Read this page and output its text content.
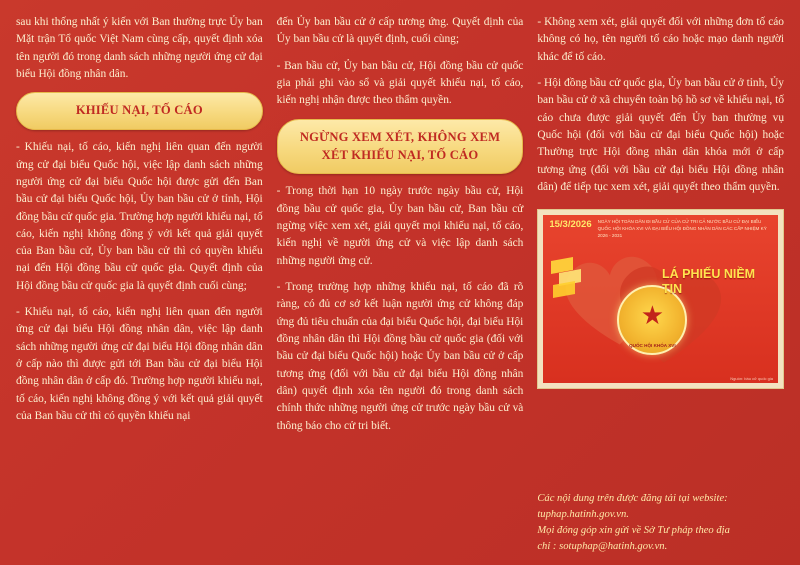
sau khi thống nhất ý kiến với Ban thường trực Ủy ban Mặt trận Tổ quốc Việt Nam cùng cấp, quyết định xóa tên người đó trong danh sách những người ứng cử đại biểu Hội đồng nhân dân.

KHIẾU NẠI, TỐ CÁO

- Khiếu nại, tố cáo, kiến nghị liên quan đến người ứng cử đại biểu Quốc hội, việc lập danh sách những người ứng cử đại biểu Quốc hội được gửi đến Ban bầu cử đại biểu Quốc hội, Ủy ban bầu cử ở tỉnh, Hội đồng bầu cử quốc gia. Trường hợp người khiếu nại, tố cáo, kiến nghị không đồng ý với kết quả giải quyết của Ban bầu cử, Ủy ban bầu cử thì có quyền khiếu nại đến Hội đồng bầu cử quốc gia. Quyết định của Hội đồng bầu cử quốc gia là quyết định cuối cùng;

- Khiếu nại, tố cáo, kiến nghị liên quan đến người ứng cử đại biểu Hội đồng nhân dân, việc lập danh sách những người ứng cử đại biểu Hội đồng nhân dân ở cấp nào thì được gửi tới Ban bầu cử đại biểu Hội đồng nhân dân ở cấp đó. Trường hợp người khiếu nại, tố cáo, kiến nghị không đồng ý với kết quả giải quyết của Ban bầu cử thì có quyền khiếu nại

đến Ủy ban bầu cử ở cấp tương ứng. Quyết định của Ủy ban bầu cử là quyết định, cuối cùng;

- Ban bầu cử, Ủy ban bầu cử, Hội đồng bầu cử quốc gia phải ghi vào sổ và giải quyết khiếu nại, tố cáo, kiến nghị nhận được theo thẩm quyền.

NGỪNG XEM XÉT, KHÔNG XEM XÉT KHIẾU NẠI, TỐ CÁO

- Trong thời hạn 10 ngày trước ngày bầu cử, Hội đồng bầu cử quốc gia, Ủy ban bầu cử, Ban bầu cử ngừng việc xem xét, giải quyết mọi khiếu nại, tố cáo, kiến nghị về người ứng cử và việc lập danh sách những người ứng cử.

- Trong trường hợp những khiếu nại, tố cáo đã rõ ràng, có đủ cơ sở kết luận người ứng cử không đáp ứng đủ tiêu chuẩn của đại biểu Quốc hội, đại biểu Hội đồng nhân dân thì Hội đồng bầu cử quốc gia (đối với bầu cử đại biểu Quốc hội) hoặc Ủy ban bầu cử ở cấp tương ứng (đối với bầu cử đại biểu Hội đồng nhân dân) quyết định xóa tên người đó trong danh sách chính thức những người ứng cử trước ngày bầu cử và thông báo cho cử tri biết.

- Không xem xét, giải quyết đối với những đơn tố cáo không có họ, tên người tố cáo hoặc mạo danh người khác để tố cáo.

- Hội đồng bầu cử quốc gia, Ủy ban bầu cử ở tỉnh, Ủy ban bầu cử ở xã chuyển toàn bộ hồ sơ về khiếu nại, tố cáo chưa được giải quyết đến Ủy ban thường vụ Quốc hội (đối với bầu cử đại biểu Quốc hội) hoặc Thường trực Hội đồng nhân dân khóa mới ở cấp tương ứng (đối với bầu cử đại biểu Hội đồng nhân dân) để tiếp tục xem xét, giải quyết theo thẩm quyền.

15/3/2026 NGÀY HỘI TOÀN DÂN ĐI BẦU CỬ CỦA CỬ TRI CẢ NƯỚC BẦU CỬ ĐẠI BIỂU QUỐC HỘI KHÓA XVI VÀ ĐẠI BIỂU HỘI ĐỒNG NHÂN DÂN CÁC CẤP NHIỆM KỲ 2026 - 2031
★
QUỐC HỘI KHÓA XVI
LÁ PHIẾU NIỀM TIN
Nguồn: bầu cử quốc gia
Các nội dung trên được đăng tải tại website:
tuphap.hatinh.gov.vn.
Mọi đóng góp xin gửi về Sở Tư pháp theo địa
chỉ : sotuphap@hatinh.gov.vn.
